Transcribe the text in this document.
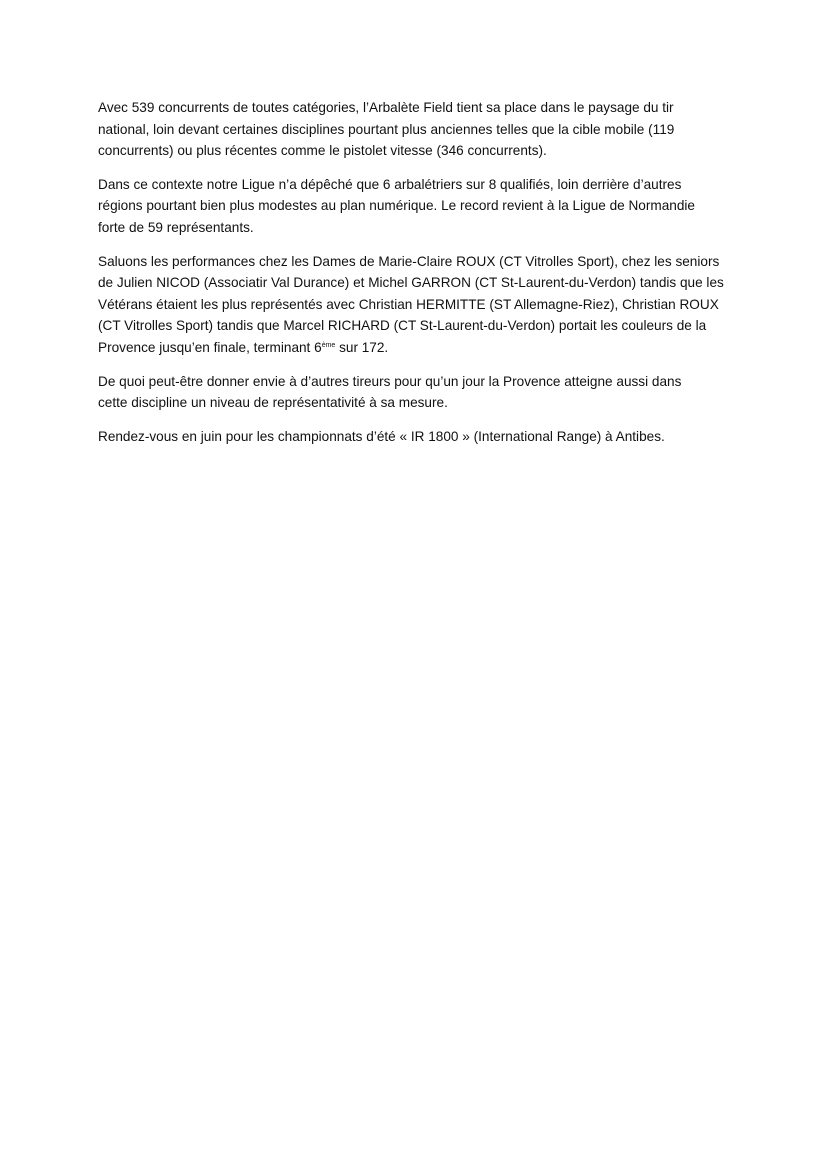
Avec 539 concurrents de toutes catégories, l’Arbalète Field tient sa place dans le paysage du tir
national, loin devant certaines disciplines pourtant plus anciennes telles que la cible mobile (119
concurrents) ou plus récentes comme le pistolet vitesse (346 concurrents).

Dans ce contexte notre Ligue n’a dépêché que 6 arbalétriers sur 8 qualifiés, loin derrière d’autres
régions pourtant bien plus modestes au plan numérique. Le record revient à la Ligue de Normandie
forte de 59 représentants.

Saluons les performances chez les Dames de Marie-Claire ROUX (CT Vitrolles Sport), chez les seniors
de Julien NICOD (Associatir Val Durance) et Michel GARRON (CT St-Laurent-du-Verdon) tandis que les
Vétérans étaient les plus représentés avec Christian HERMITTE (ST Allemagne-Riez), Christian ROUX
(CT Vitrolles Sport) tandis que Marcel RICHARD (CT St-Laurent-du-Verdon) portait les couleurs de la
Provence jusqu’en finale, terminant 6ème sur 172.

De quoi peut-être donner envie à d’autres tireurs pour qu’un jour la Provence atteigne aussi dans
cette discipline un niveau de représentativité à sa mesure.

Rendez-vous en juin pour les championnats d’été « IR 1800 » (International Range) à Antibes.
